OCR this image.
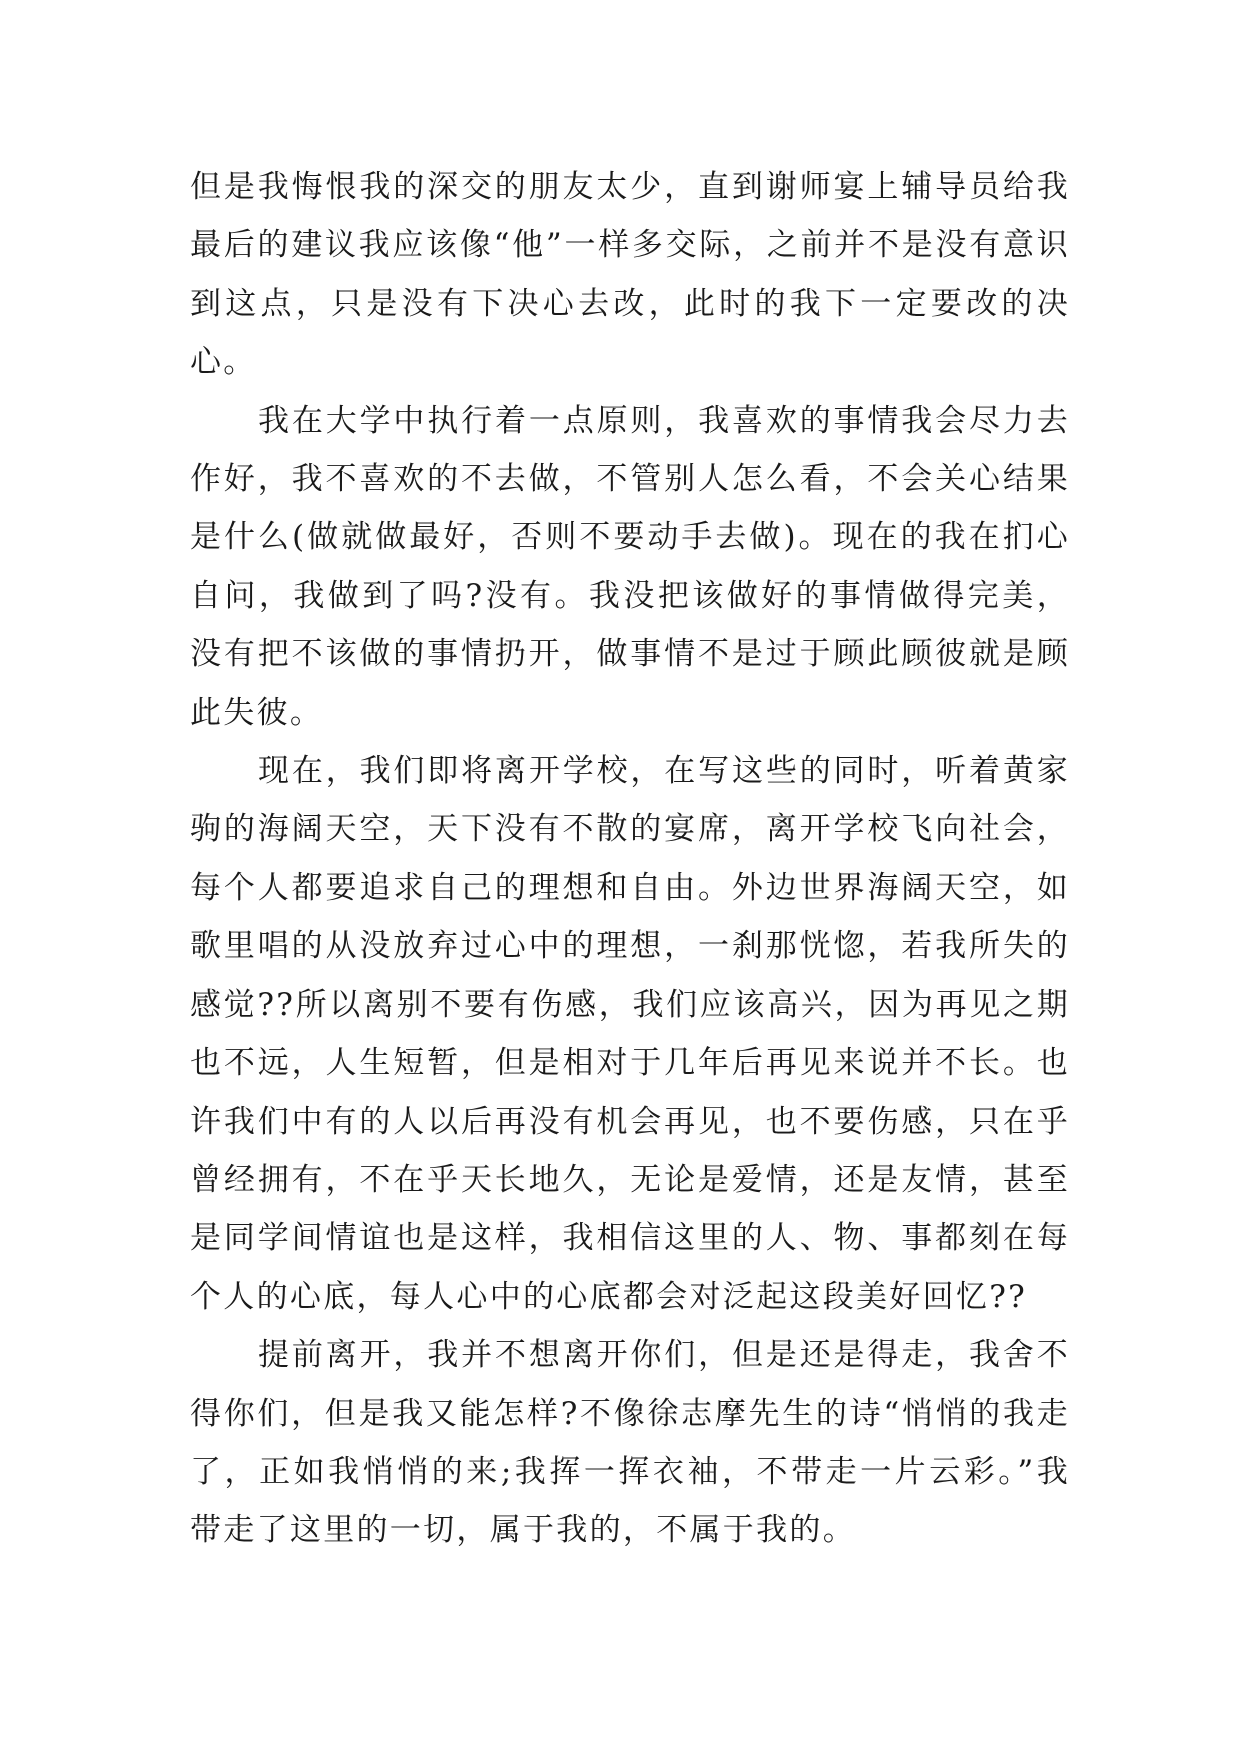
但是我悔恨我的深交的朋友太少，直到谢师宴上辅导员给我最后的建议我应该像“他”一样多交际，之前并不是没有意识到这点，只是没有下决心去改，此时的我下一定要改的决心。

我在大学中执行着一点原则，我喜欢的事情我会尽力去作好，我不喜欢的不去做，不管别人怎么看，不会关心结果是什么(做就做最好，否则不要动手去做)。现在的我在扪心自问，我做到了吗?没有。我没把该做好的事情做得完美，没有把不该做的事情扔开，做事情不是过于顾此顾彼就是顾此失彼。

现在，我们即将离开学校，在写这些的同时，听着黄家驹的海阔天空，天下没有不散的宴席，离开学校飞向社会，每个人都要追求自己的理想和自由。外边世界海阔天空，如歌里唱的从没放弃过心中的理想，一刹那恍惚，若我所失的感觉??所以离别不要有伤感，我们应该高兴，因为再见之期也不远，人生短暂，但是相对于几年后再见来说并不长。也许我们中有的人以后再没有机会再见，也不要伤感，只在乎曾经拥有，不在乎天长地久，无论是爱情，还是友情，甚至是同学间情谊也是这样，我相信这里的人、物、事都刻在每个人的心底，每人心中的心底都会对泛起这段美好回忆??

提前离开，我并不想离开你们，但是还是得走，我舍不得你们，但是我又能怎样?不像徐志摩先生的诗“悄悄的我走了，正如我悄悄的来;我挥一挥衣袖，不带走一片云彩。”我带走了这里的一切，属于我的，不属于我的。
